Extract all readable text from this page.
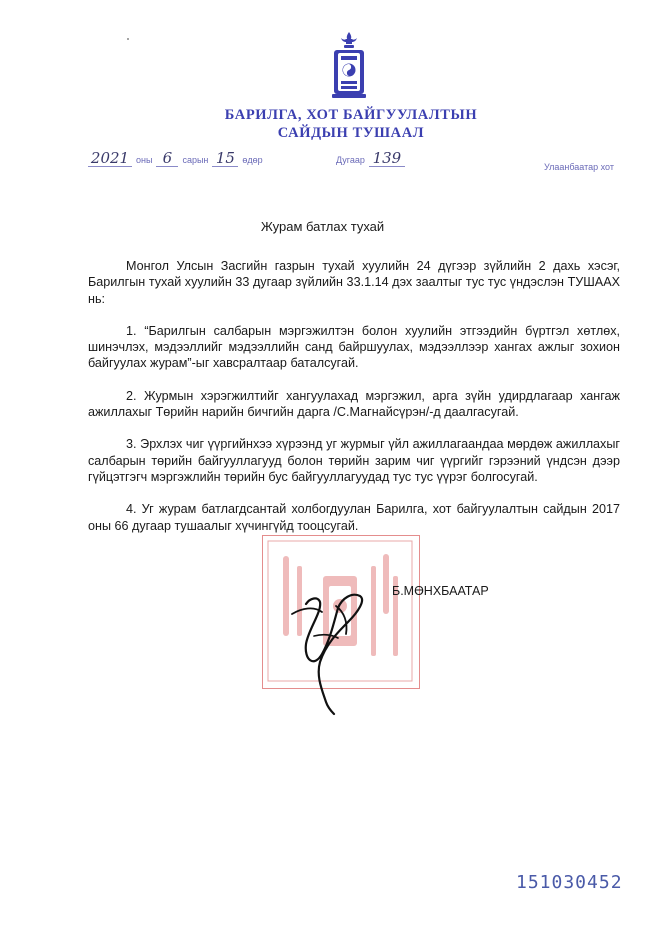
БАРИЛГА, ХОТ БАЙГУУЛАЛТЫН
САЙДЫН ТУШААЛ
2021 оны 6 сарын 15 өдөр	Дугаар 139	Улаанбаатар хот
Журам батлах тухай

Монгол Улсын Засгийн газрын тухай хуулийн 24 дүгээр зүйлийн 2 дахь хэсэг, Барилгын тухай хуулийн 33 дугаар зүйлийн 33.1.14 дэх заалтыг тус тус үндэслэн ТУШААХ нь:

1. “Барилгын салбарын мэргэжилтэн болон хуулийн этгээдийн бүртгэл хөтлөх, шинэчлэх, мэдээллийг мэдээллийн санд байршуулах, мэдээллээр хангах ажлыг зохион байгуулах журам”-ыг хавсралтаар баталсугай.

2. Журмын хэрэгжилтийг хангуулахад мэргэжил, арга зүйн удирдлагаар хангаж ажиллахыг Төрийн нарийн бичгийн дарга /С.Магнайсүрэн/-д даалгасугай.

3. Эрхлэх чиг үүргийнхээ хүрээнд уг журмыг үйл ажиллагаандаа мөрдөж ажиллахыг салбарын төрийн байгууллагууд болон төрийн зарим чиг үүргийг гэрээний үндсэн дээр гүйцэтгэгч мэргэжлийн төрийн бус байгууллагуудад тус тус үүрэг болгосугай.

4. Уг журам батлагдсантай холбогдуулан Барилга, хот байгуулалтын сайдын 2017 оны 66 дугаар тушаалыг хүчингүйд тооцсугай.

Б.МӨНХБААТАР
151030452
